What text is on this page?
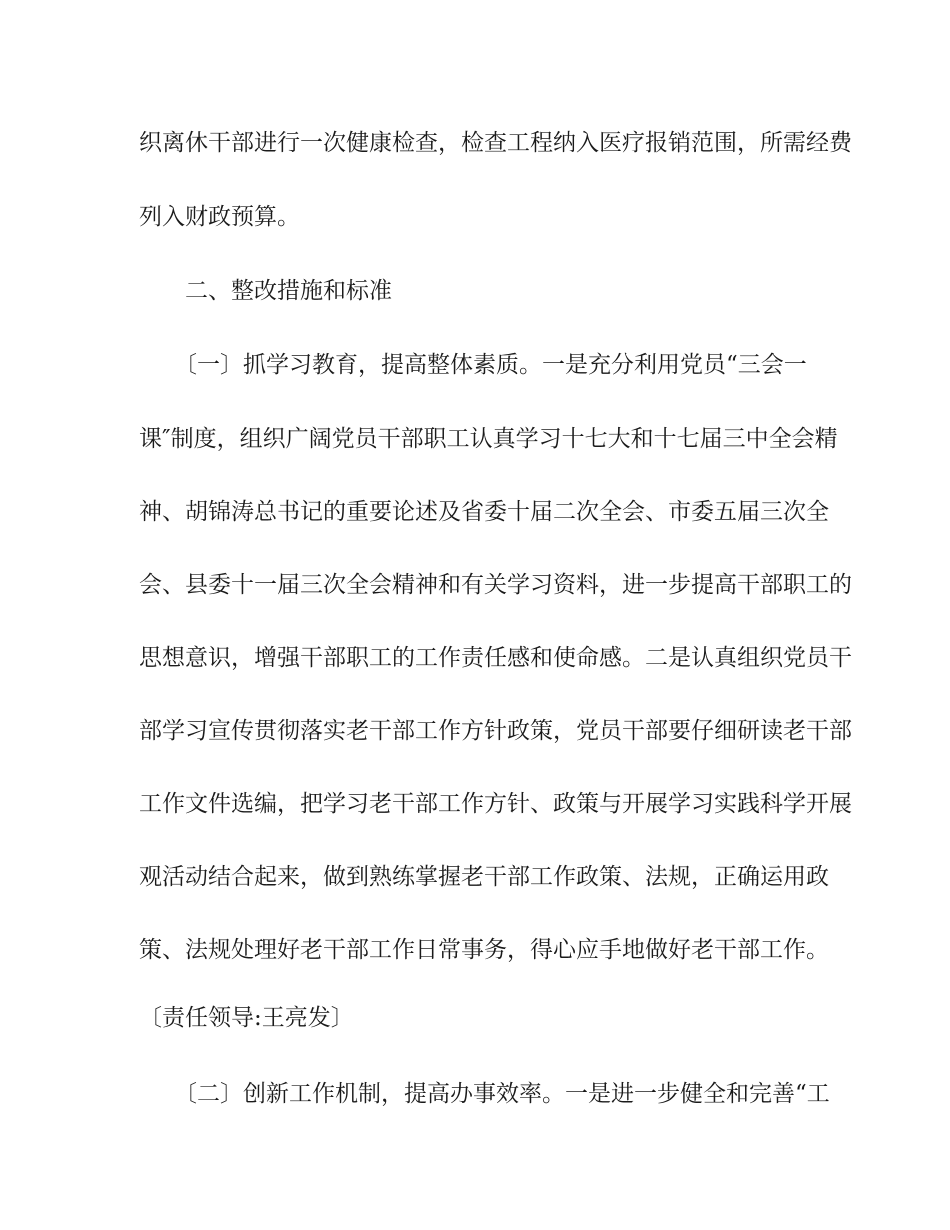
织离休干部进行一次健康检查，检查工程纳入医疗报销范围，所需经费
列入财政预算。
二、整改措施和标准
〔一〕抓学习教育，提高整体素质。一是充分利用党员“三会一
课″制度，组织广阔党员干部职工认真学习十七大和十七届三中全会精
神、胡锦涛总书记的重要论述及省委十届二次全会、市委五届三次全
会、县委十一届三次全会精神和有关学习资料，进一步提高干部职工的
思想意识，增强干部职工的工作责任感和使命感。二是认真组织党员干
部学习宣传贯彻落实老干部工作方针政策，党员干部要仔细研读老干部
工作文件选编，把学习老干部工作方针、政策与开展学习实践科学开展
观活动结合起来，做到熟练掌握老干部工作政策、法规，正确运用政
策、法规处理好老干部工作日常事务，得心应手地做好老干部工作。
〔责任领导:王亮发〕
〔二〕创新工作机制，提高办事效率。一是进一步健全和完善“工
